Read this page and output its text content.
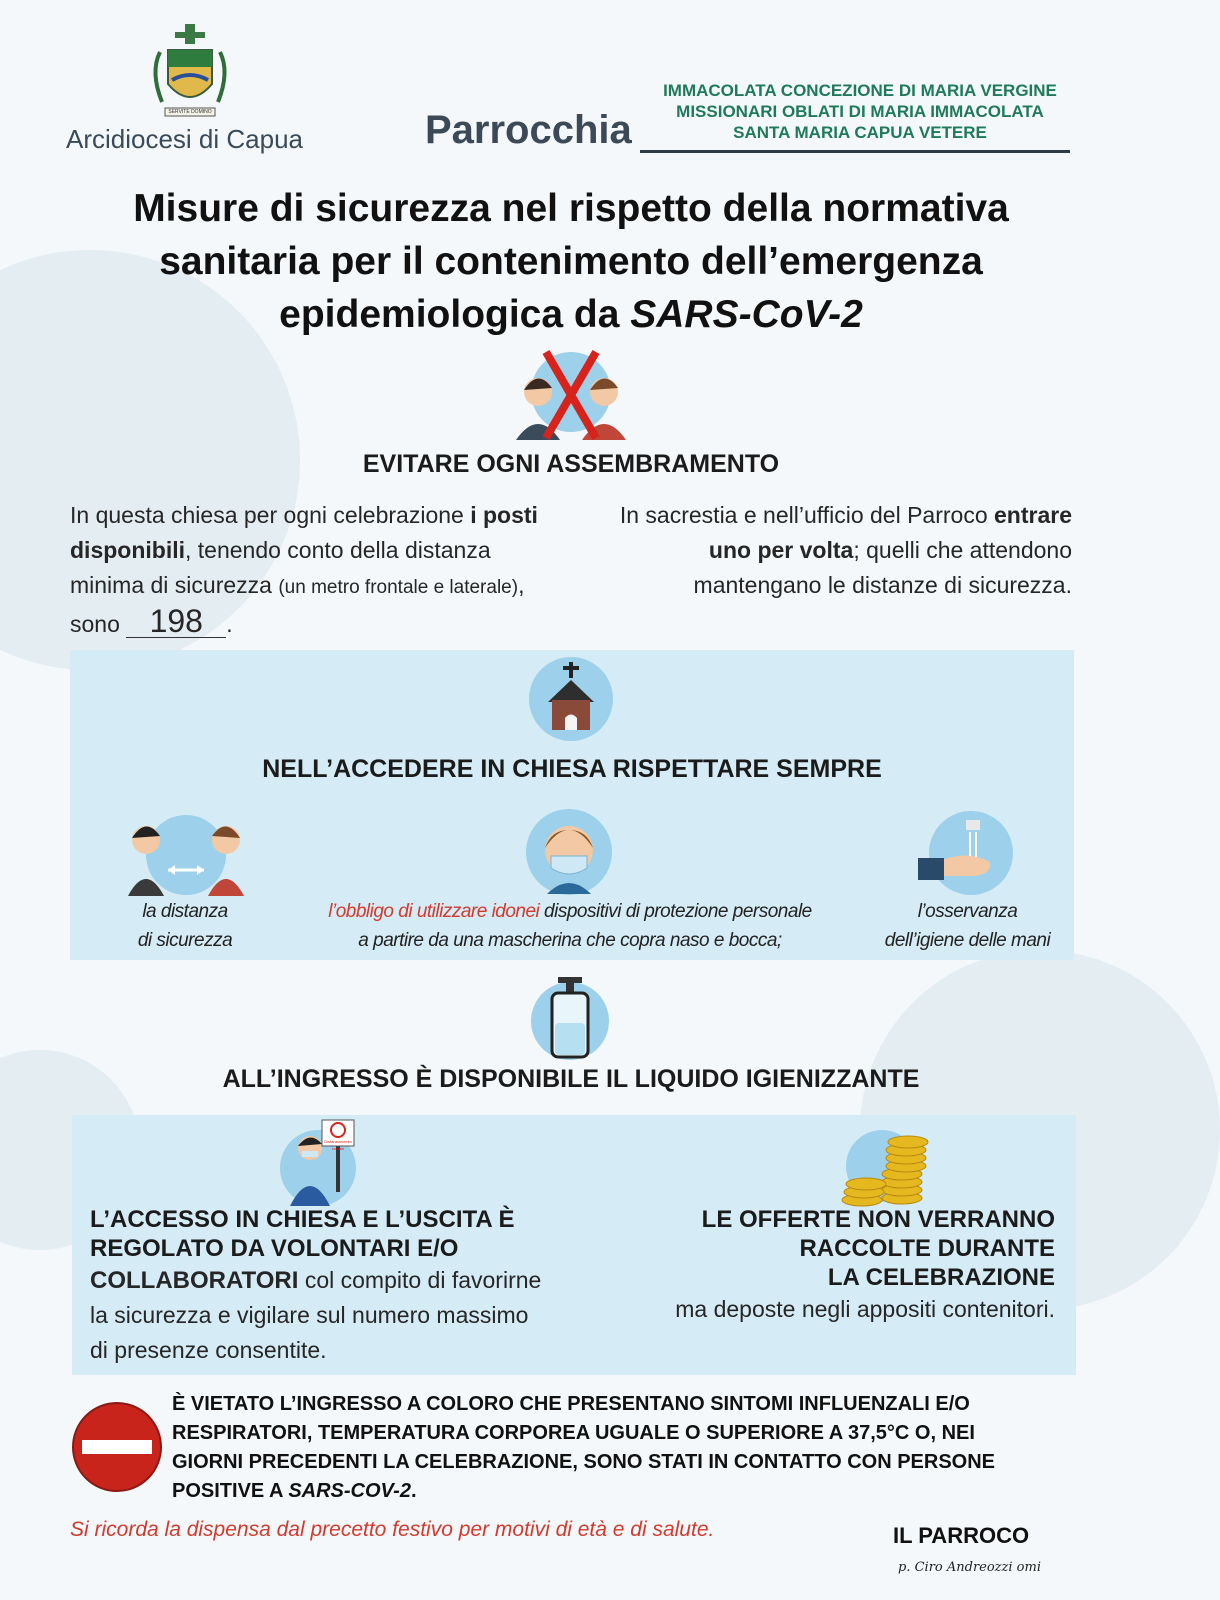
SERVITE DOMINO
Arcidiocesi di Capua	Parrocchia
IMMACOLATA CONCEZIONE DI MARIA VERGINE
MISSIONARI OBLATI DI MARIA IMMACOLATA
SANTA MARIA CAPUA VETERE
Misure di sicurezza nel rispetto della normativa
sanitaria per il contenimento dell’emergenza
epidemiologica da SARS-CoV-2
EVITARE OGNI ASSEMBRAMENTO
In questa chiesa per ogni celebrazione i posti disponibili, tenendo conto della distanza minima di sicurezza (un metro frontale e laterale), sono 198 .
In sacrestia e nell’ufficio del Parroco entrare uno per volta; quelli che attendono mantengano le distanze di sicurezza.
NELL’ACCEDERE IN CHIESA RISPETTARE SEMPRE
la distanza
di sicurezza
l’obbligo di utilizzare idonei dispositivi di protezione personale
a partire da una mascherina che copra naso e bocca;
l’osservanza
dell’igiene delle mani
ALL’INGRESSO È DISPONIBILE IL LIQUIDO IGIENIZZANTE
Distanziamento sociale
L’ACCESSO IN CHIESA E L’USCITA È
REGOLATO DA VOLONTARI E/O
COLLABORATORI col compito di favorirne
la sicurezza e vigilare sul numero massimo
di presenze consentite.
LE OFFERTE NON VERRANNO
RACCOLTE DURANTE
LA CELEBRAZIONE
ma deposte negli appositi contenitori.
È VIETATO L’INGRESSO A COLORO CHE PRESENTANO SINTOMI INFLUENZALI E/O
RESPIRATORI, TEMPERATURA CORPOREA UGUALE O SUPERIORE A 37,5°C O, NEI
GIORNI PRECEDENTI LA CELEBRAZIONE, SONO STATI IN CONTATTO CON PERSONE
POSITIVE A SARS-COV-2.
Si ricorda la dispensa dal precetto festivo per motivi di età e di salute.	IL PARROCO
p. Ciro Andreozzi omi
